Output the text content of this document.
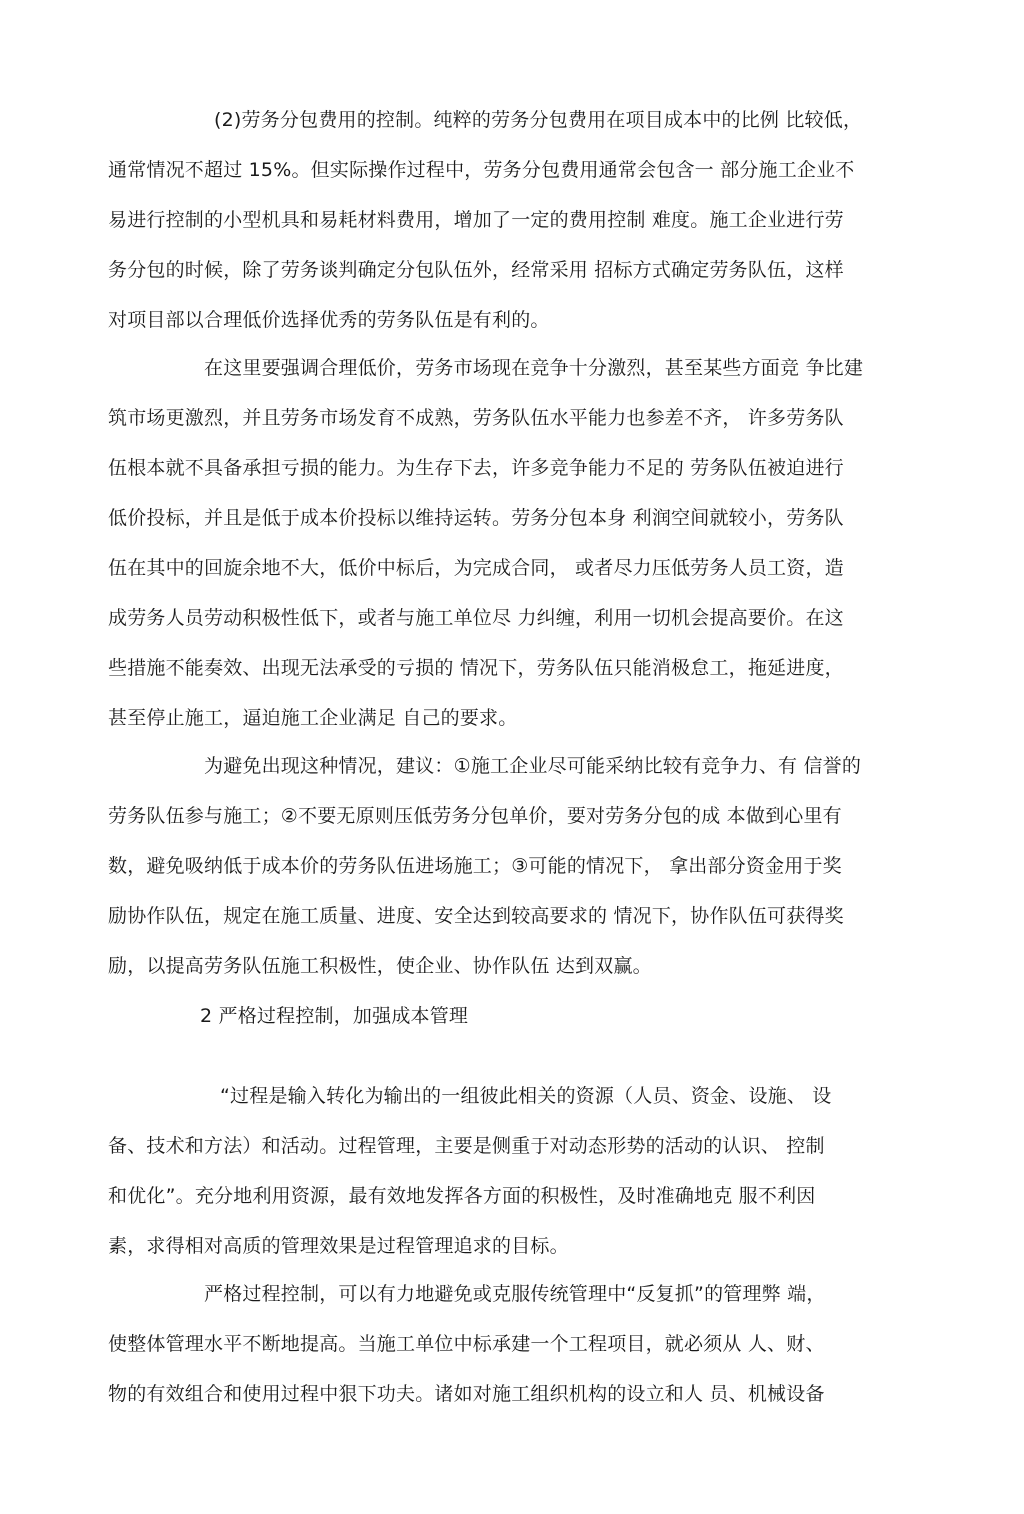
(2)劳务分包费用的控制。纯粹的劳务分包费用在项目成本中的比例 比较低，
通常情况不超过 15%。但实际操作过程中，劳务分包费用通常会包含一 部分施工企业不
易进行控制的小型机具和易耗材料费用，增加了一定的费用控制 难度。施工企业进行劳
务分包的时候，除了劳务谈判确定分包队伍外，经常采用 招标方式确定劳务队伍，这样
对项目部以合理低价选择优秀的劳务队伍是有利的。
在这里要强调合理低价，劳务市场现在竞争十分激烈，甚至某些方面竞 争比建
筑市场更激烈，并且劳务市场发育不成熟，劳务队伍水平能力也参差不齐， 许多劳务队
伍根本就不具备承担亏损的能力。为生存下去，许多竞争能力不足的 劳务队伍被迫进行
低价投标，并且是低于成本价投标以维持运转。劳务分包本身 利润空间就较小，劳务队
伍在其中的回旋余地不大，低价中标后，为完成合同， 或者尽力压低劳务人员工资，造
成劳务人员劳动积极性低下，或者与施工单位尽 力纠缠，利用一切机会提高要价。在这
些措施不能奏效、出现无法承受的亏损的 情况下，劳务队伍只能消极怠工，拖延进度，
甚至停止施工，逼迫施工企业满足 自己的要求。
为避免出现这种情况，建议：①施工企业尽可能采纳比较有竞争力、有 信誉的
劳务队伍参与施工；②不要无原则压低劳务分包单价，要对劳务分包的成 本做到心里有
数，避免吸纳低于成本价的劳务队伍进场施工；③可能的情况下， 拿出部分资金用于奖
励协作队伍，规定在施工质量、进度、安全达到较高要求的 情况下，协作队伍可获得奖
励，以提高劳务队伍施工积极性，使企业、协作队伍 达到双赢。
2 严格过程控制，加强成本管理
“过程是输入转化为输出的一组彼此相关的资源（人员、资金、设施、 设
备、技术和方法）和活动。过程管理，主要是侧重于对动态形势的活动的认识、 控制
和优化”。充分地利用资源，最有效地发挥各方面的积极性，及时准确地克 服不利因
素，求得相对高质的管理效果是过程管理追求的目标。
严格过程控制，可以有力地避免或克服传统管理中“反复抓”的管理弊 端，
使整体管理水平不断地提高。当施工单位中标承建一个工程项目，就必须从 人、财、
物的有效组合和使用过程中狠下功夫。诸如对施工组织机构的设立和人 员、机械设备
